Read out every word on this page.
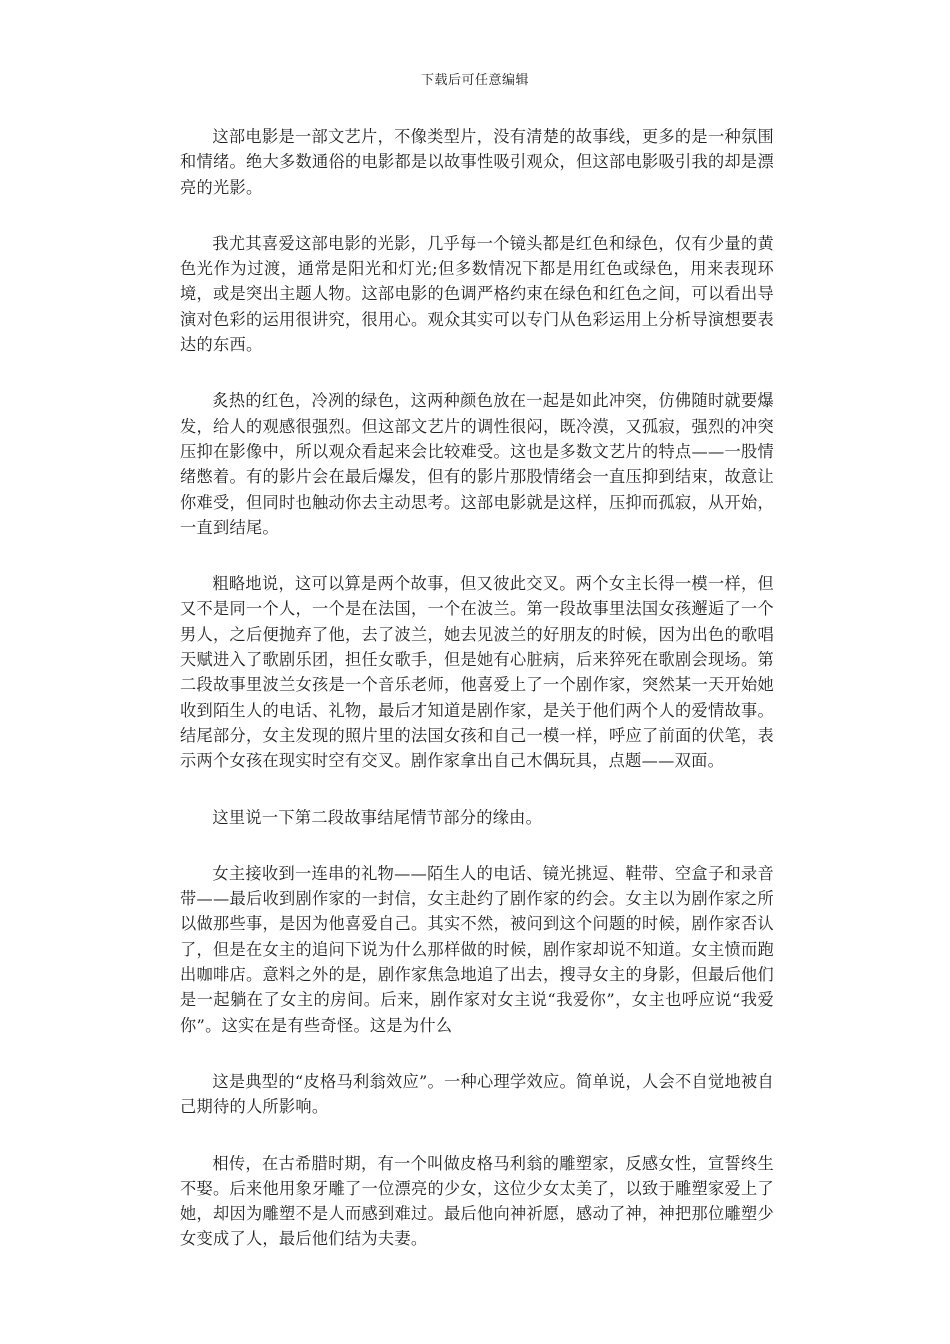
下载后可任意编辑

这部电影是一部文艺片，不像类型片，没有清楚的故事线，更多的是一种氛围和情绪。绝大多数通俗的电影都是以故事性吸引观众，但这部电影吸引我的却是漂亮的光影。

我尤其喜爱这部电影的光影，几乎每一个镜头都是红色和绿色，仅有少量的黄色光作为过渡，通常是阳光和灯光;但多数情况下都是用红色或绿色，用来表现环境，或是突出主题人物。这部电影的色调严格约束在绿色和红色之间，可以看出导演对色彩的运用很讲究，很用心。观众其实可以专门从色彩运用上分析导演想要表达的东西。

炙热的红色，冷冽的绿色，这两种颜色放在一起是如此冲突，仿佛随时就要爆发，给人的观感很强烈。但这部文艺片的调性很闷，既冷漠，又孤寂，强烈的冲突压抑在影像中，所以观众看起来会比较难受。这也是多数文艺片的特点——一股情绪憋着。有的影片会在最后爆发，但有的影片那股情绪会一直压抑到结束，故意让你难受，但同时也触动你去主动思考。这部电影就是这样，压抑而孤寂，从开始，一直到结尾。

粗略地说，这可以算是两个故事，但又彼此交叉。两个女主长得一模一样，但又不是同一个人，一个是在法国，一个在波兰。第一段故事里法国女孩邂逅了一个男人，之后便抛弃了他，去了波兰，她去见波兰的好朋友的时候，因为出色的歌唱天赋进入了歌剧乐团，担任女歌手，但是她有心脏病，后来猝死在歌剧会现场。第二段故事里波兰女孩是一个音乐老师，他喜爱上了一个剧作家，突然某一天开始她收到陌生人的电话、礼物，最后才知道是剧作家，是关于他们两个人的爱情故事。结尾部分，女主发现的照片里的法国女孩和自己一模一样，呼应了前面的伏笔，表示两个女孩在现实时空有交叉。剧作家拿出自己木偶玩具，点题——双面。

这里说一下第二段故事结尾情节部分的缘由。

女主接收到一连串的礼物——陌生人的电话、镜光挑逗、鞋带、空盒子和录音带——最后收到剧作家的一封信，女主赴约了剧作家的约会。女主以为剧作家之所以做那些事，是因为他喜爱自己。其实不然，被问到这个问题的时候，剧作家否认了，但是在女主的追问下说为什么那样做的时候，剧作家却说不知道。女主愤而跑出咖啡店。意料之外的是，剧作家焦急地追了出去，搜寻女主的身影，但最后他们是一起躺在了女主的房间。后来，剧作家对女主说“我爱你”，女主也呼应说“我爱你”。这实在是有些奇怪。这是为什么

这是典型的“皮格马利翁效应”。一种心理学效应。简单说，人会不自觉地被自己期待的人所影响。

相传，在古希腊时期，有一个叫做皮格马利翁的雕塑家，反感女性，宣誓终生不娶。后来他用象牙雕了一位漂亮的少女，这位少女太美了，以致于雕塑家爱上了她，却因为雕塑不是人而感到难过。最后他向神祈愿，感动了神，神把那位雕塑少女变成了人，最后他们结为夫妻。
